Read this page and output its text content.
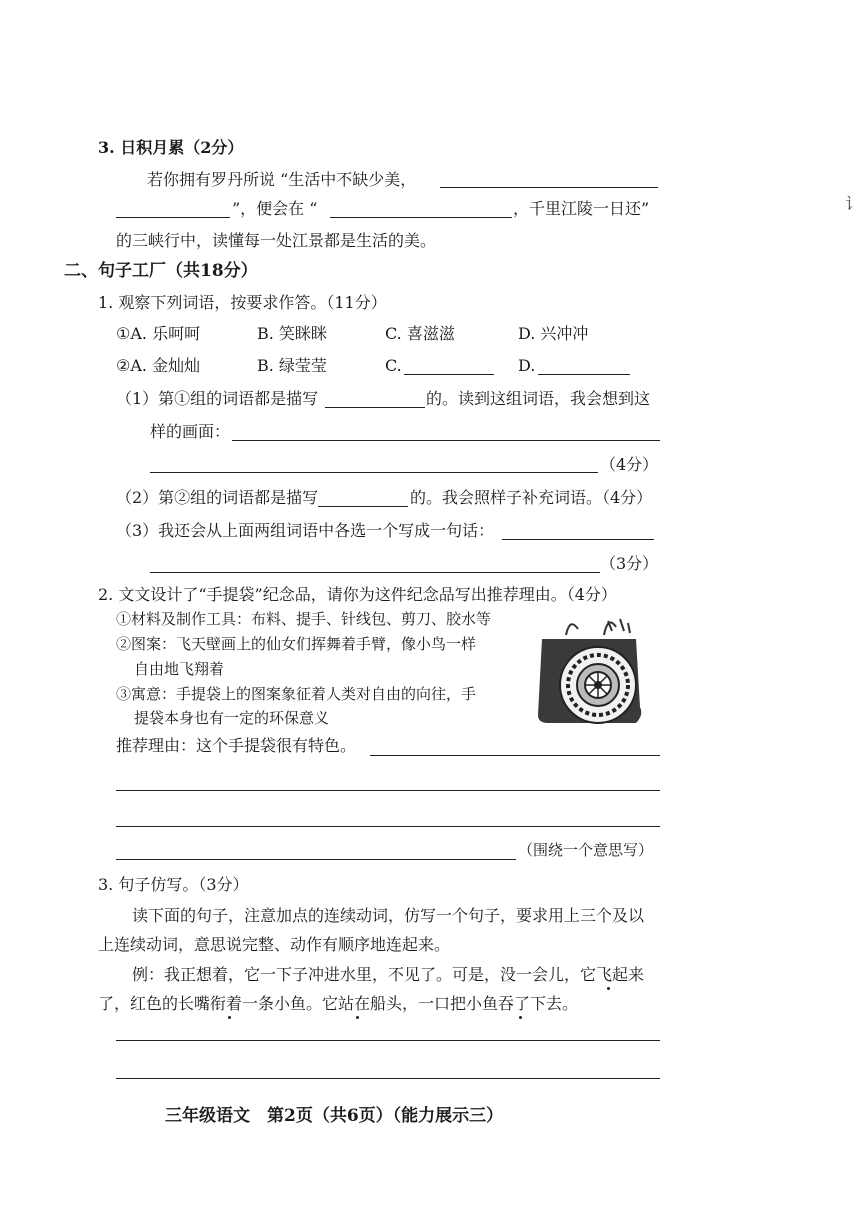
3. 日积月累（2分）
若你拥有罗丹所说 “生活中不缺少美，
”，便会在 “	，千里江陵一日还”
的三峡行中，读懂每一处江景都是生活的美。
讠
二、句子工厂（共18分）
1. 观察下列词语，按要求作答。（11分）
①A. 乐呵呵	B. 笑眯眯	C. 喜滋滋	D. 兴冲冲
②A. 金灿灿	B. 绿莹莹	C.	D.
（1）第①组的词语都是描写	的。读到这组词语，我会想到这
样的画面：
（4分）
（2）第②组的词语都是描写	的。我会照样子补充词语。（4分）
（3）我还会从上面两组词语中各选一个写成一句话：
（3分）
2. 文文设计了“手提袋”纪念品，请你为这件纪念品写出推荐理由。（4分）
①材料及制作工具：布料、提手、针线包、剪刀、胶水等
②图案：飞天壁画上的仙女们挥舞着手臂，像小鸟一样
自由地飞翔着
③寓意：手提袋上的图案象征着人类对自由的向往，手
提袋本身也有一定的环保意义
推荐理由：这个手提袋很有特色。
（围绕一个意思写）
3. 句子仿写。（3分）
读下面的句子，注意加点的连续动词，仿写一个句子，要求用上三个及以
上连续动词，意思说完整、动作有顺序地连起来。
例：我正想着，它一下子冲进水里，不见了。可是，没一会儿，它飞起来
了，红色的长嘴衔着一条小鱼。它站在船头，一口把小鱼吞了下去。
三年级语文　第2页（共6页）（能力展示三）
